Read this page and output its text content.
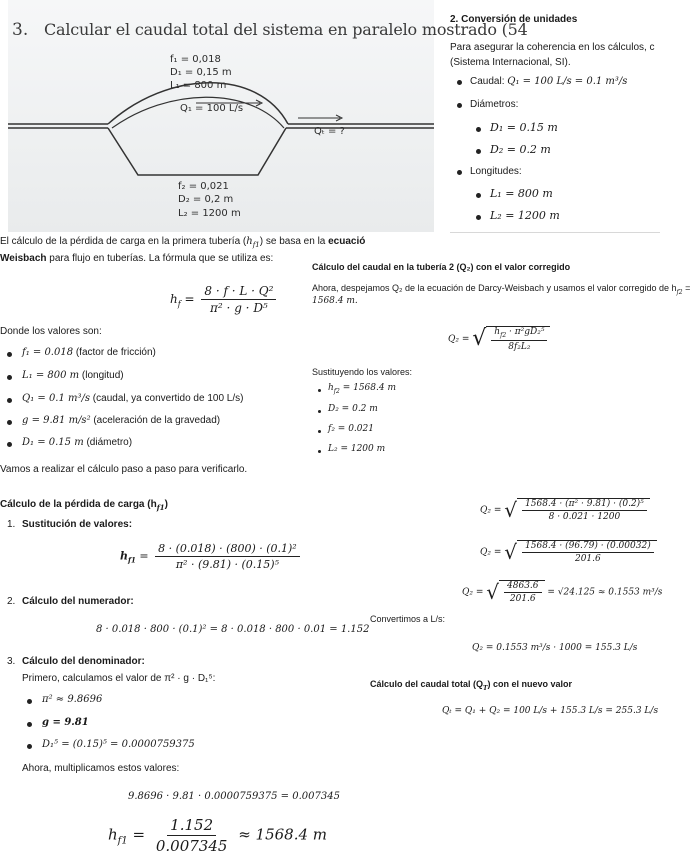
3. Calcular el caudal total del sistema en paralelo mostrado (54
f₁ = 0,018
D₁ = 0,15 m
L₁ = 800 m
Q₁ = 100 L/s
Qₜ = ?
f₂ = 0,021
D₂ = 0,2 m
L₂ = 1200 m
2. Conversión de unidades
Para asegurar la coherencia en los cálculos, c
(Sistema Internacional, SI).
Caudal: Q₁ = 100 L/s = 0.1 m³/s
Diámetros:
D₁ = 0.15 m
D₂ = 0.2 m
Longitudes:
L₁ = 800 m
L₂ = 1200 m
El cálculo de la pérdida de carga en la primera tubería $(h_{f1})$ se basa en la ecuació
Weisbach para flujo en tuberías. La fórmula que se utiliza es:
$h_f = \frac{\text{8 · f · L · Q²}}{\text{π² · g · D⁵}}$
Donde los valores son:
f₁ = 0.018 (factor de fricción)
L₁ = 800 m (longitud)
Q₁ = 0.1 m³/s (caudal, ya convertido de 100 L/s)
g = 9.81 m/s² (aceleración de la gravedad)
D₁ = 0.15 m (diámetro)
Vamos a realizar el cálculo paso a paso para verificarlo.
Cálculo de la pérdida de carga $(h_{f1})$
1. Sustitución de valores:
$h_{f1} = \frac{\text{8 · (0.018) · (800) · (0.1)²}}{\text{π² · (9.81) · (0.15)⁵}}$
2. Cálculo del numerador:
8 · 0.018 · 800 · (0.1)² = 8 · 0.018 · 800 · 0.01 = 1.152
3. Cálculo del denominador:
Primero, calculamos el valor de π² · g · D₁⁵:
π² ≈ 9.8696
g = 9.81
D₁⁵ = (0.15)⁵ = 0.0000759375
Ahora, multiplicamos estos valores:
9.8696 · 9.81 · 0.0000759375 = 0.007345
$h_{f1} = \frac{1.152}{0.007345} \approx 1568.4$ m
Cálculo del caudal en la tubería 2 (Q₂) con el valor corregido
Ahora, despejamos Q₂ de la ecuación de Darcy-Weisbach y usamos el valor corregido de $h_{f2}$ =
1568.4 m.
Q₂ = √ $\frac{h_{f2} \cdot \pi^2gD_2^5}{\text{8f₂L₂}}$
Sustituyendo los valores:
$h_{f2} = 1568.4$ m
D₂ = 0.2 m
f₂ = 0.021
L₂ = 1200 m
Q₂ = √ $\frac{\text{1568.4 · (π² · 9.81) · (0.2)⁵}}{8 \cdot 0.021 \cdot 1200}$
Q₂ = √ $\frac{1568.4 \cdot (96.79) \cdot (0.00032)}{201.6}$
Q₂ = √ $\frac{4863.6}{201.6} = √24.125 \approx 0.1553$ m³/s
Convertimos a L/s:
Q₂ = 0.1553 m³/s · 1000 = 155.3 L/s
Cálculo del caudal total $(Q_T)$ con el nuevo valor
Qₜ = Q₁ + Q₂ = 100 L/s + 155.3 L/s = 255.3 L/s
